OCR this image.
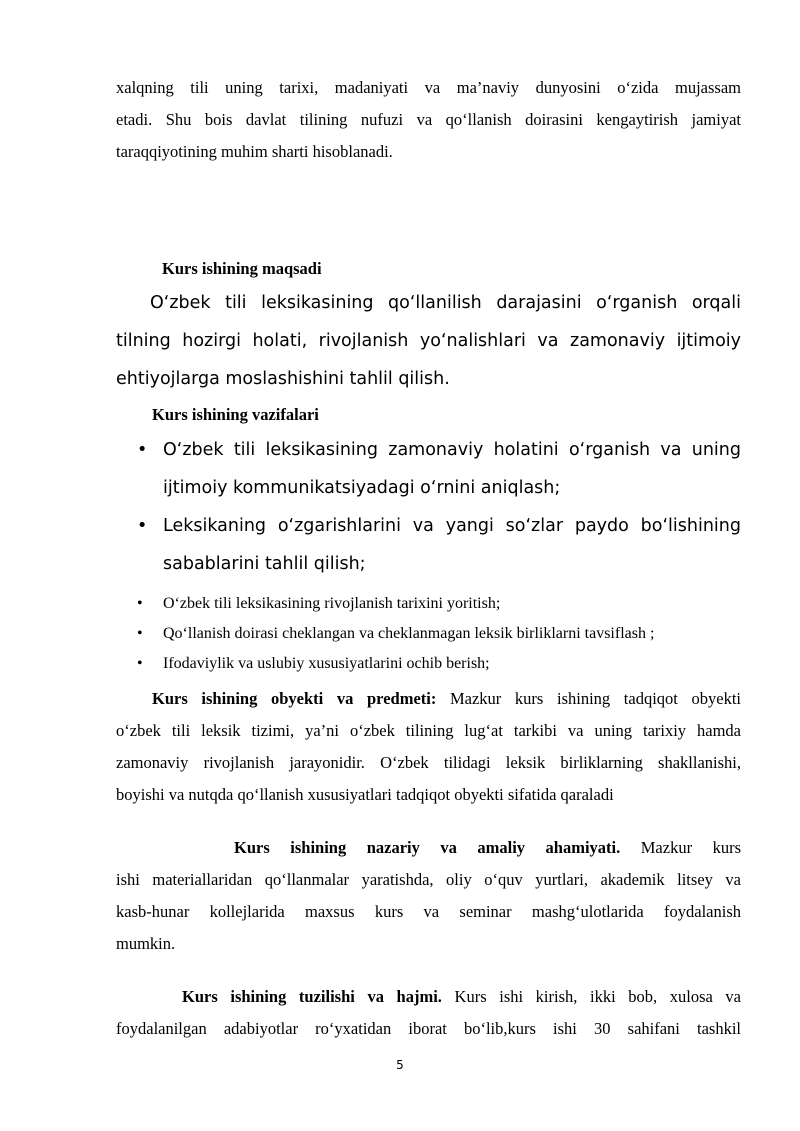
xalqning tili uning tarixi, madaniyati va ma’naviy dunyosini o‘zida mujassam
etadi. Shu bois davlat tilining nufuzi va qo‘llanish doirasini kengaytirish jamiyat
taraqqiyotining muhim sharti hisoblanadi.
Kurs ishining maqsadi
O‘zbek tili leksikasining qo‘llanilish darajasini o‘rganish orqali
tilning hozirgi holati, rivojlanish yo‘nalishlari va zamonaviy ijtimoiy
ehtiyojlarga moslashishini tahlil qilish.
Kurs ishining vazifalari
• O‘zbek tili leksikasining zamonaviy holatini o‘rganish va uning
ijtimoiy kommunikatsiyadagi o‘rnini aniqlash;
• Leksikaning o‘zgarishlarini va yangi so‘zlar paydo bo‘lishining
sabablarini tahlil qilish;
• O‘zbek tili leksikasining rivojlanish tarixini yoritish;
• Qo‘llanish doirasi cheklangan va cheklanmagan leksik birliklarni tavsiflash ;
• Ifodaviylik va uslubiy xususiyatlarini ochib berish;
Kurs ishining obyekti va predmeti: Mazkur kurs ishining tadqiqot obyekti
o‘zbek tili leksik tizimi, ya’ni o‘zbek tilining lug‘at tarkibi va uning tarixiy hamda
zamonaviy rivojlanish jarayonidir. O‘zbek tilidagi leksik birliklarning shakllanishi,
boyishi va nutqda qo‘llanish xususiyatlari tadqiqot obyekti sifatida qaraladi
Kurs ishining nazariy va amaliy ahamiyati. Mazkur kurs
ishi materiallaridan qo‘llanmalar yaratishda, oliy o‘quv yurtlari, akademik litsey va
kasb-hunar kollejlarida maxsus kurs va seminar mashg‘ulotlarida foydalanish
mumkin.
Kurs ishining tuzilishi va hajmi. Kurs ishi kirish, ikki bob, xulosa va
foydalanilgan adabiyotlar ro‘yxatidan iborat bo‘lib,kurs ishi 30 sahifani tashkil
5
